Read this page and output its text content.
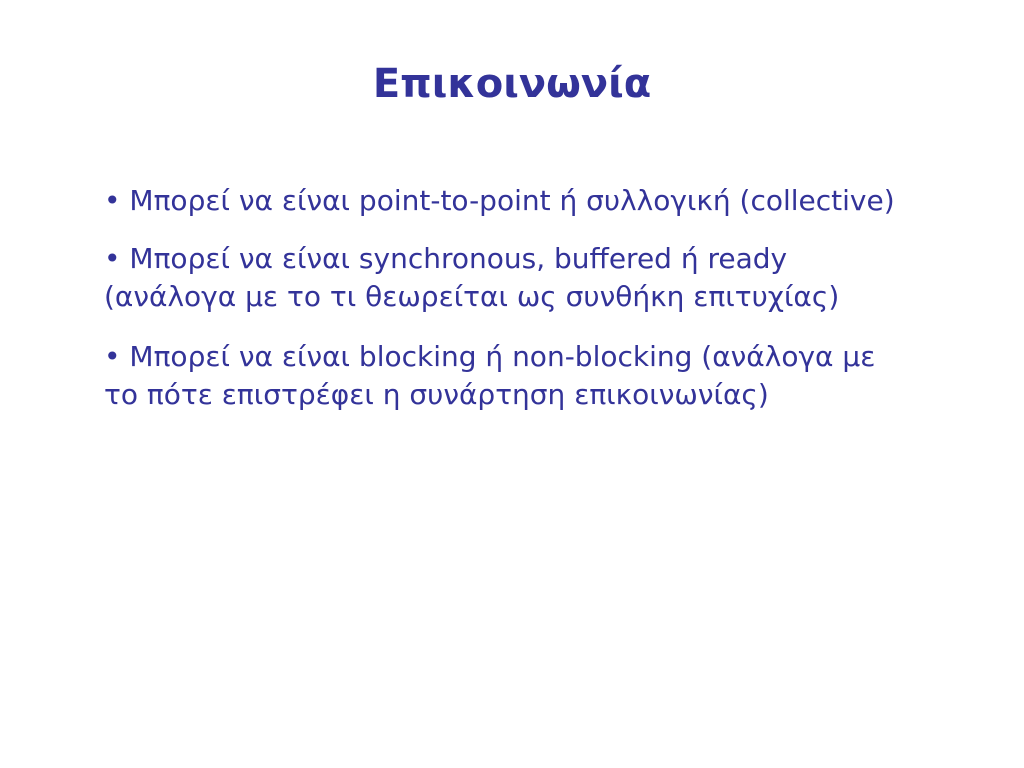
Επικοινωνία
• Μπορεί να είναι point-to-point ή συλλογική (collective)
• Μπορεί να είναι synchronous, buffered ή ready (ανάλογα με το τι θεωρείται ως συνθήκη επιτυχίας)
• Μπορεί να είναι blocking ή non-blocking (ανάλογα με το πότε επιστρέφει η συνάρτηση επικοινωνίας)
